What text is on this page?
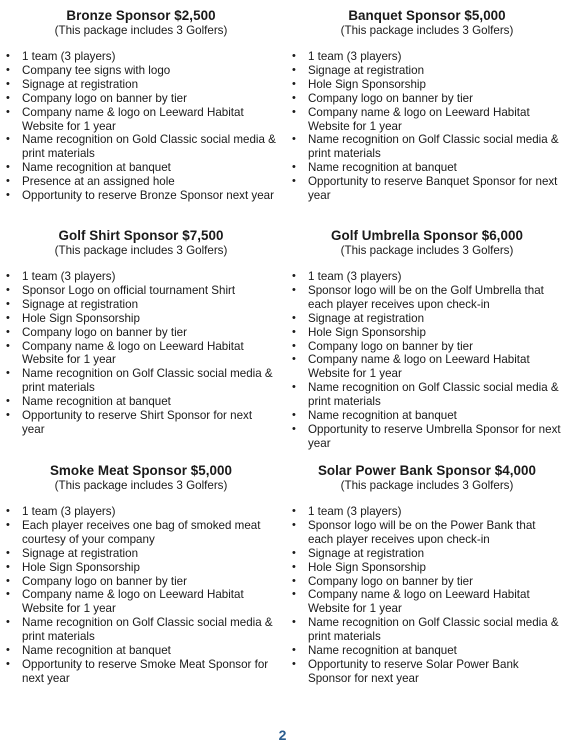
Bronze Sponsor $2,500

(This package includes 3 Golfers)

• 1 team (3 players)
• Company tee signs with logo
• Signage at registration
• Company logo on banner by tier
• Company name & logo on Leeward Habitat Website for 1 year
• Name recognition on Gold Classic social media & print materials
• Name recognition at banquet
• Presence at an assigned hole
• Opportunity to reserve Bronze Sponsor next year
Banquet Sponsor $5,000

(This package includes 3 Golfers)

• 1 team (3 players)
• Signage at registration
• Hole Sign Sponsorship
• Company logo on banner by tier
• Company name & logo on Leeward Habitat Website for 1 year
• Name recognition on Golf Classic social media & print materials
• Name recognition at banquet
• Opportunity to reserve Banquet Sponsor for next year
Golf Shirt Sponsor $7,500

(This package includes 3 Golfers)

• 1 team (3 players)
• Sponsor Logo on official tournament Shirt
• Signage at registration
• Hole Sign Sponsorship
• Company logo on banner by tier
• Company name & logo on Leeward Habitat Website for 1 year
• Name recognition on Golf Classic social media & print materials
• Name recognition at banquet
• Opportunity to reserve Shirt Sponsor for next year
Golf Umbrella Sponsor $6,000

(This package includes 3 Golfers)

• 1 team (3 players)
• Sponsor logo will be on the Golf Umbrella that each player receives upon check-in
• Signage at registration
• Hole Sign Sponsorship
• Company logo on banner by tier
• Company name & logo on Leeward Habitat Website for 1 year
• Name recognition on Golf Classic social media & print materials
• Name recognition at banquet
• Opportunity to reserve Umbrella Sponsor for next year
Smoke Meat Sponsor $5,000

(This package includes 3 Golfers)

• 1 team (3 players)
• Each player receives one bag of smoked meat courtesy of your company
• Signage at registration
• Hole Sign Sponsorship
• Company logo on banner by tier
• Company name & logo on Leeward Habitat Website for 1 year
• Name recognition on Golf Classic social media & print materials
• Name recognition at banquet
• Opportunity to reserve Smoke Meat Sponsor for next year
Solar Power Bank Sponsor $4,000

(This package includes 3 Golfers)

• 1 team (3 players)
• Sponsor logo will be on the Power Bank that each player receives upon check-in
• Signage at registration
• Hole Sign Sponsorship
• Company logo on banner by tier
• Company name & logo on Leeward Habitat Website for 1 year
• Name recognition on Golf Classic social media & print materials
• Name recognition at banquet
• Opportunity to reserve Solar Power Bank Sponsor for next year
2
